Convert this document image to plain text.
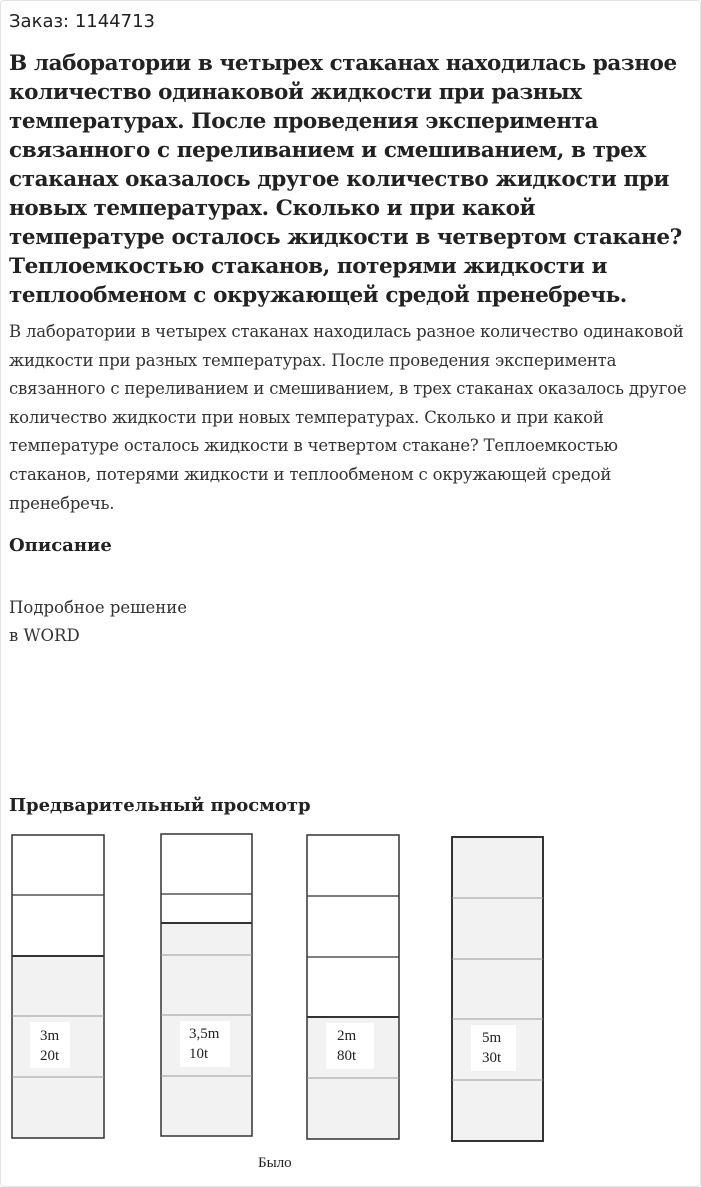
Заказ: 1144713
В лаборатории в четырех стаканах находилась разное количество одинаковой жидкости при разных температурах. После проведения эксперимента связанного с переливанием и смешиванием, в трех стаканах оказалось другое количество жидкости при новых температурах. Сколько и при какой температуре осталось жидкости в четвертом стакане? Теплоемкостью стаканов, потерями жидкости и теплообменом с окружающей средой пренебречь.

В лаборатории в четырех стаканах находилась разное количество одинаковой жидкости при разных температурах. После проведения эксперимента связанного с переливанием и смешиванием, в трех стаканах оказалось другое количество жидкости при новых температурах. Сколько и при какой температуре осталось жидкости в четвертом стакане? Теплоемкостью стаканов, потерями жидкости и теплообменом с окружающей средой пренебречь.

Описание
Подробное решение
в WORD
Предварительный просмотр
3m
20t
3,5m
10t
2m
80t
5m
30t
Было
